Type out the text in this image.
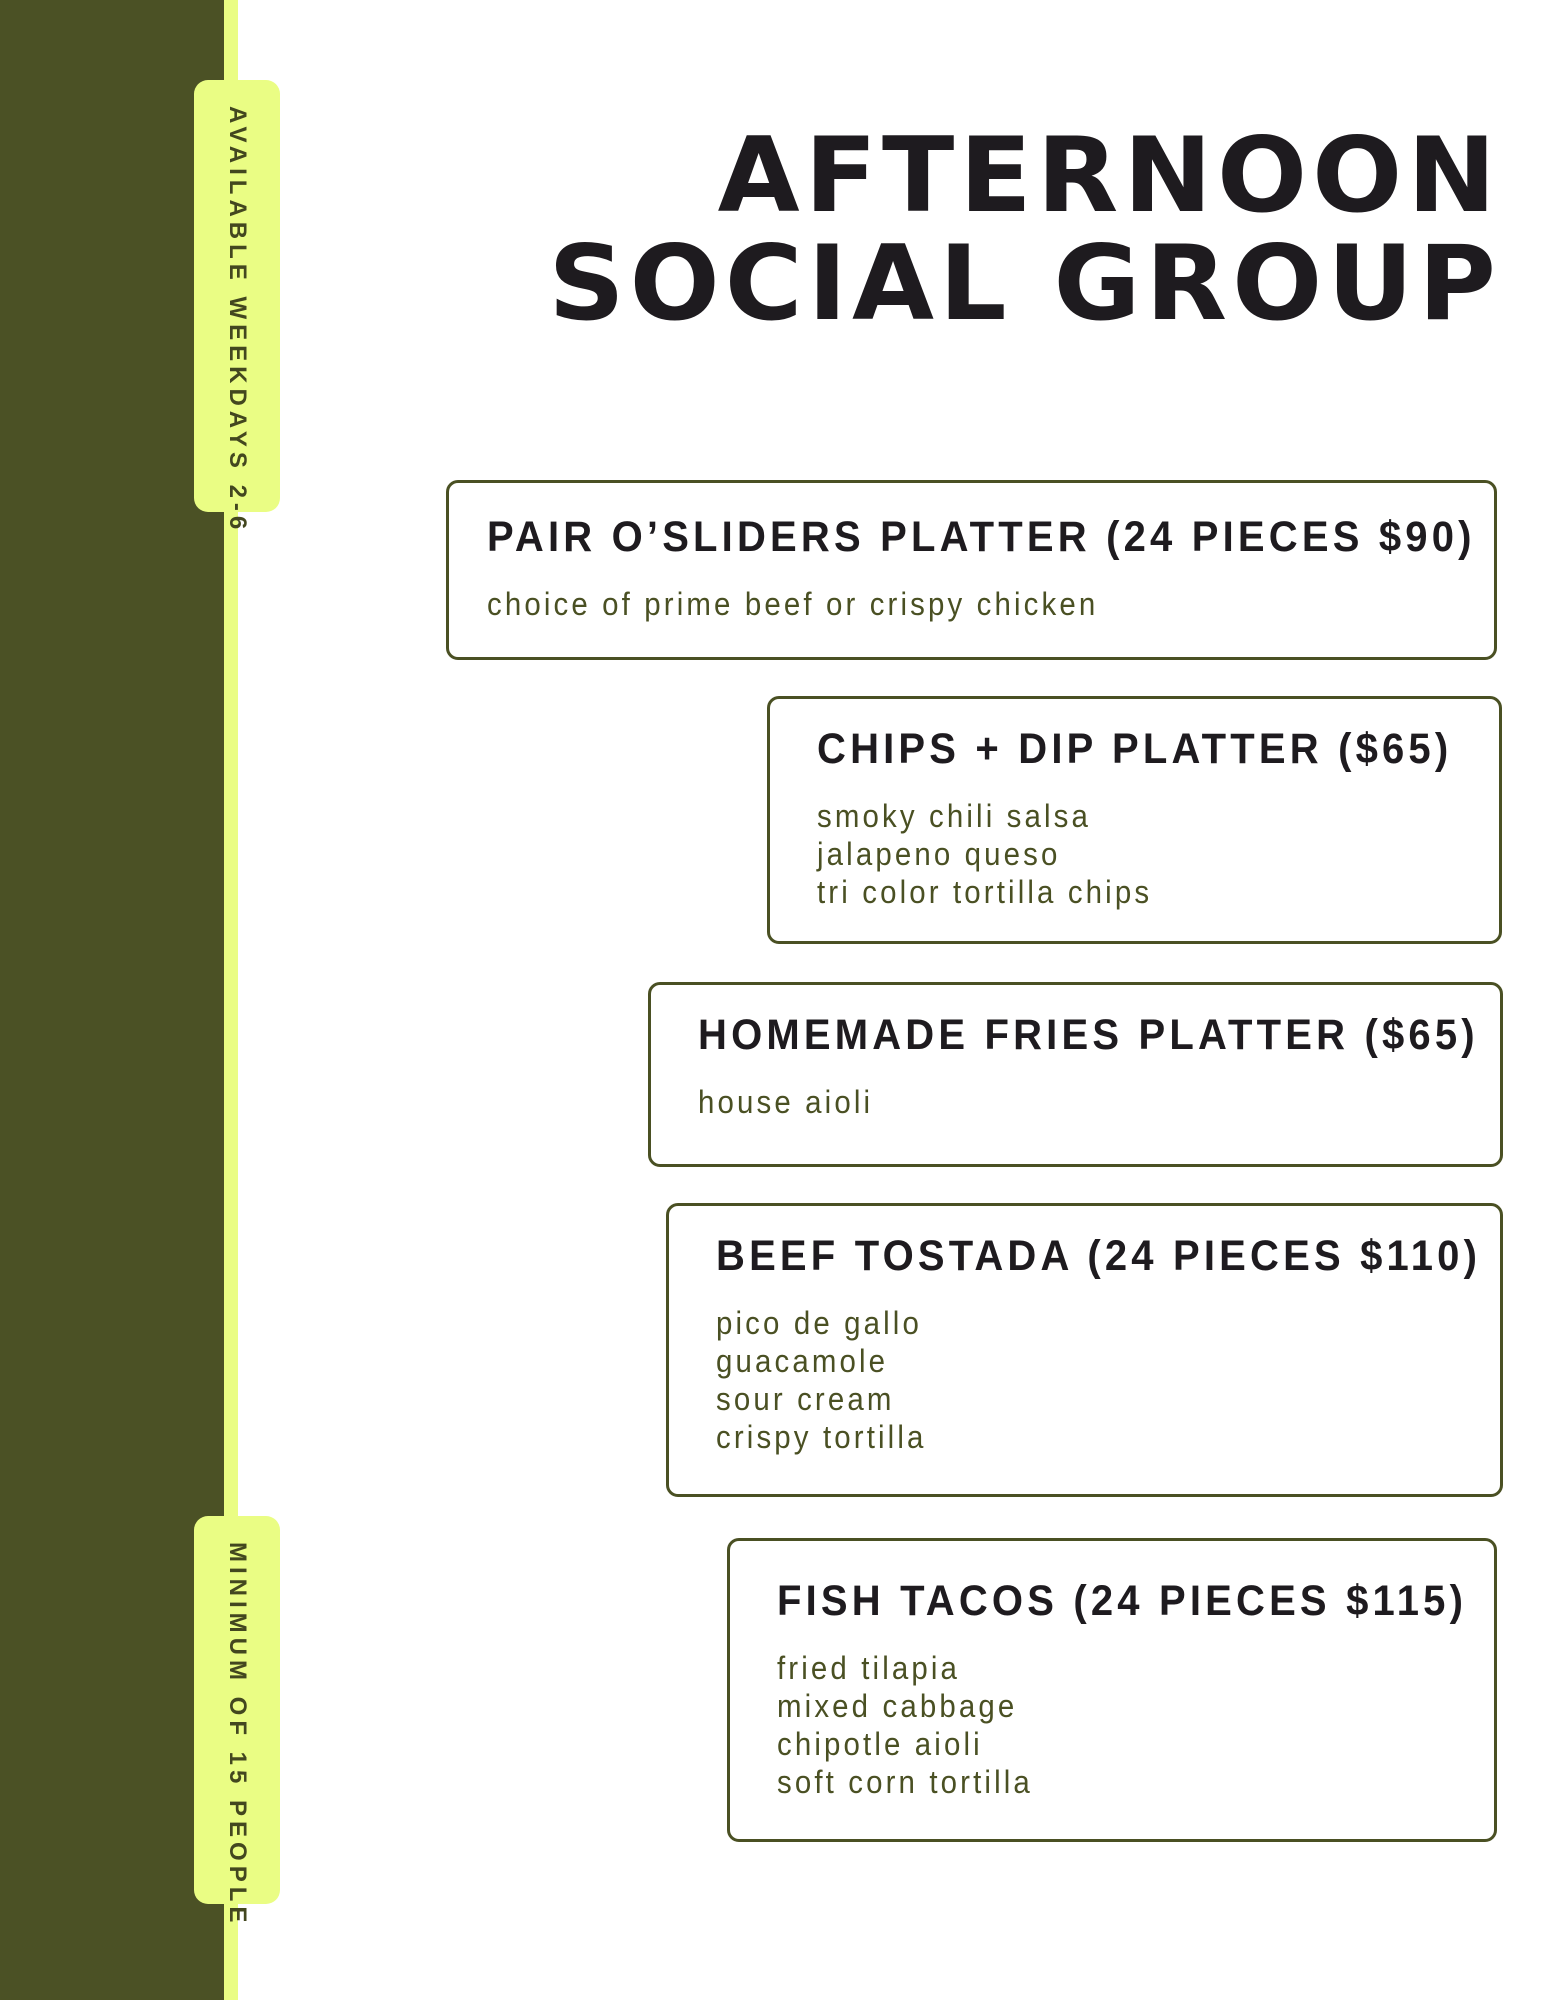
AVAILABLE WEEKDAYS 2-6
MINIMUM OF 15 PEOPLE
AFTERNOON
SOCIAL GROUP
PAIR O’SLIDERS PLATTER (24 PIECES $90)
choice of prime beef or crispy chicken
CHIPS + DIP PLATTER ($65)
smoky chili salsa
jalapeno queso
tri color tortilla chips
HOMEMADE FRIES PLATTER ($65)
house aioli
BEEF TOSTADA (24 PIECES $110)
pico de gallo
guacamole
sour cream
crispy tortilla
FISH TACOS (24 PIECES $115)
fried tilapia
mixed cabbage
chipotle aioli
soft corn tortilla
